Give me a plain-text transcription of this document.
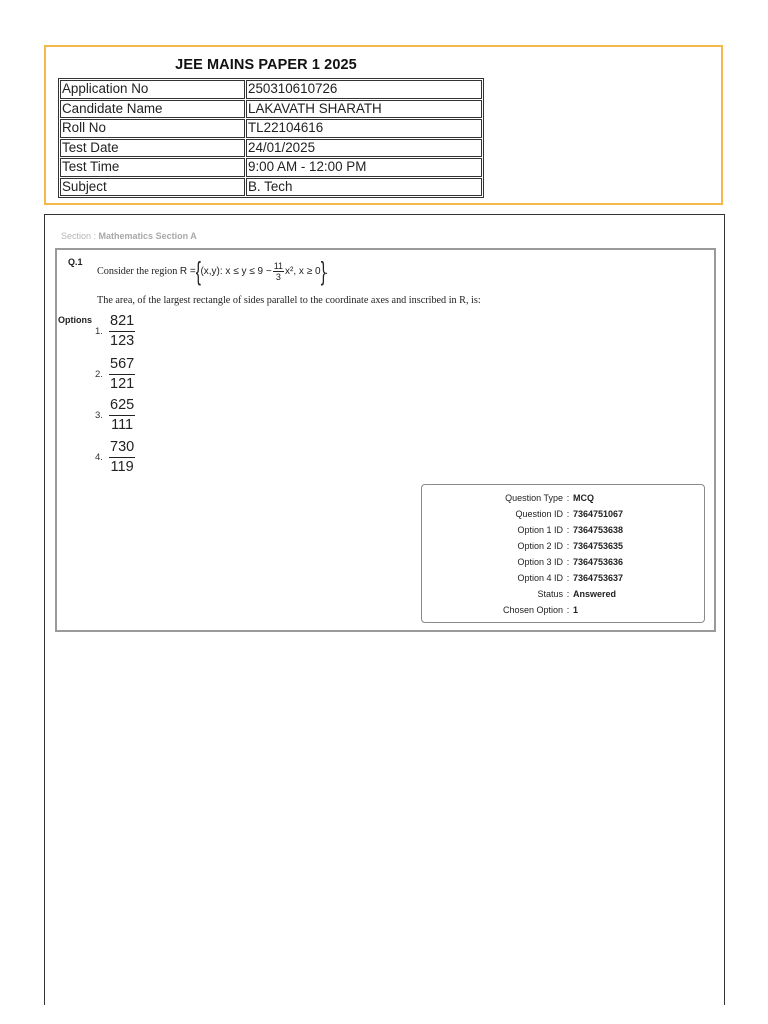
JEE MAINS PAPER 1 2025
Application No	250310610726
Candidate Name	LAKAVATH SHARATH
Roll No	TL22104616
Test Date	24/01/2025
Test Time	9:00 AM - 12:00 PM
Subject	B. Tech
Section : Mathematics Section A
Q.1
Consider the region
R = { (x,y): $x \le y \le 9 - \frac{11}{3} x^2$, x ≥ 0 } .
The area, of the largest rectangle of sides parallel to the coordinate axes and inscribed in R, is:
Options
1. $\frac{821}{123}$
2. $\frac{567}{121}$
3. $\frac{625}{111}$
4. $\frac{730}{119}$
Question Type : MCQ
Question ID : 7364751067
Option 1 ID : 7364753638
Option 2 ID : 7364753635
Option 3 ID : 7364753636
Option 4 ID : 7364753637
Status : Answered
Chosen Option : 1
